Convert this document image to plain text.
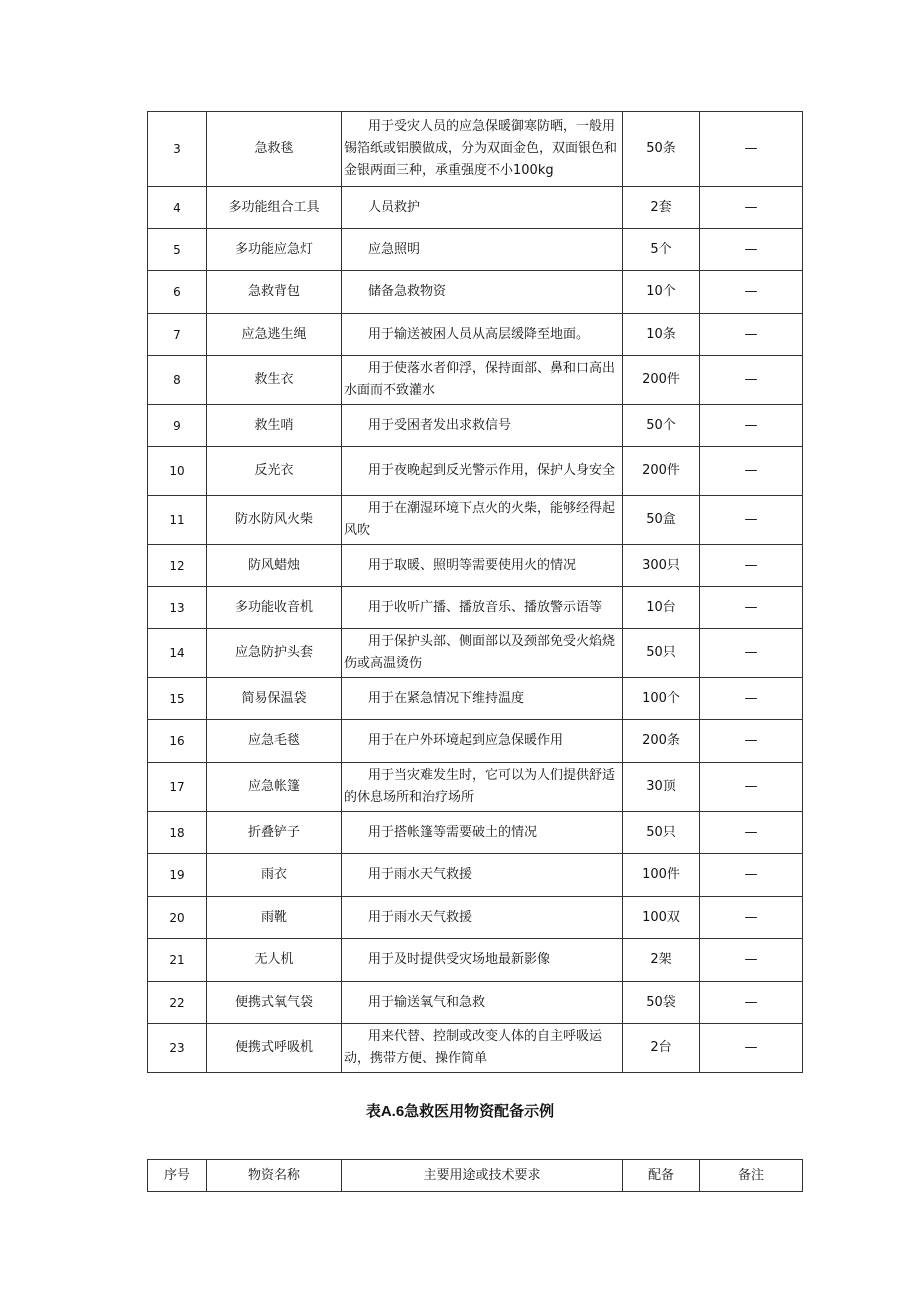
3	急救毯	用于受灾人员的应急保暖御寒防晒，一般用锡箔纸或铝膜做成，分为双面金色，双面银色和金银两面三种，承重强度不小100kg	50条	—
4	多功能组合工具	人员救护	2套	—
5	多功能应急灯	应急照明	5个	—
6	急救背包	储备急救物资	10个	—
7	应急逃生绳	用于输送被困人员从高层缓降至地面。	10条	—
8	救生衣	用于使落水者仰浮，保持面部、鼻和口高出水面而不致灌水	200件	—
9	救生哨	用于受困者发出求救信号	50个	—
10	反光衣	用于夜晚起到反光警示作用，保护人身安全	200件	—
11	防水防风火柴	用于在潮湿环境下点火的火柴，能够经得起风吹	50盒	—
12	防风蜡烛	用于取暖、照明等需要使用火的情况	300只	—
13	多功能收音机	用于收听广播、播放音乐、播放警示语等	10台	—
14	应急防护头套	用于保护头部、侧面部以及颈部免受火焰烧伤或高温烫伤	50只	—
15	简易保温袋	用于在紧急情况下维持温度	100个	—
16	应急毛毯	用于在户外环境起到应急保暖作用	200条	—
17	应急帐篷	用于当灾难发生时，它可以为人们提供舒适的休息场所和治疗场所	30顶	—
18	折叠铲子	用于搭帐篷等需要破土的情况	50只	—
19	雨衣	用于雨水天气救援	100件	—
20	雨靴	用于雨水天气救援	100双	—
21	无人机	用于及时提供受灾场地最新影像	2架	—
22	便携式氧气袋	用于输送氧气和急救	50袋	—
23	便携式呼吸机	用来代替、控制或改变人体的自主呼吸运动，携带方便、操作简单	2台	—
表A.6急救医用物资配备示例
序号	物资名称	主要用途或技术要求	配备	备注
